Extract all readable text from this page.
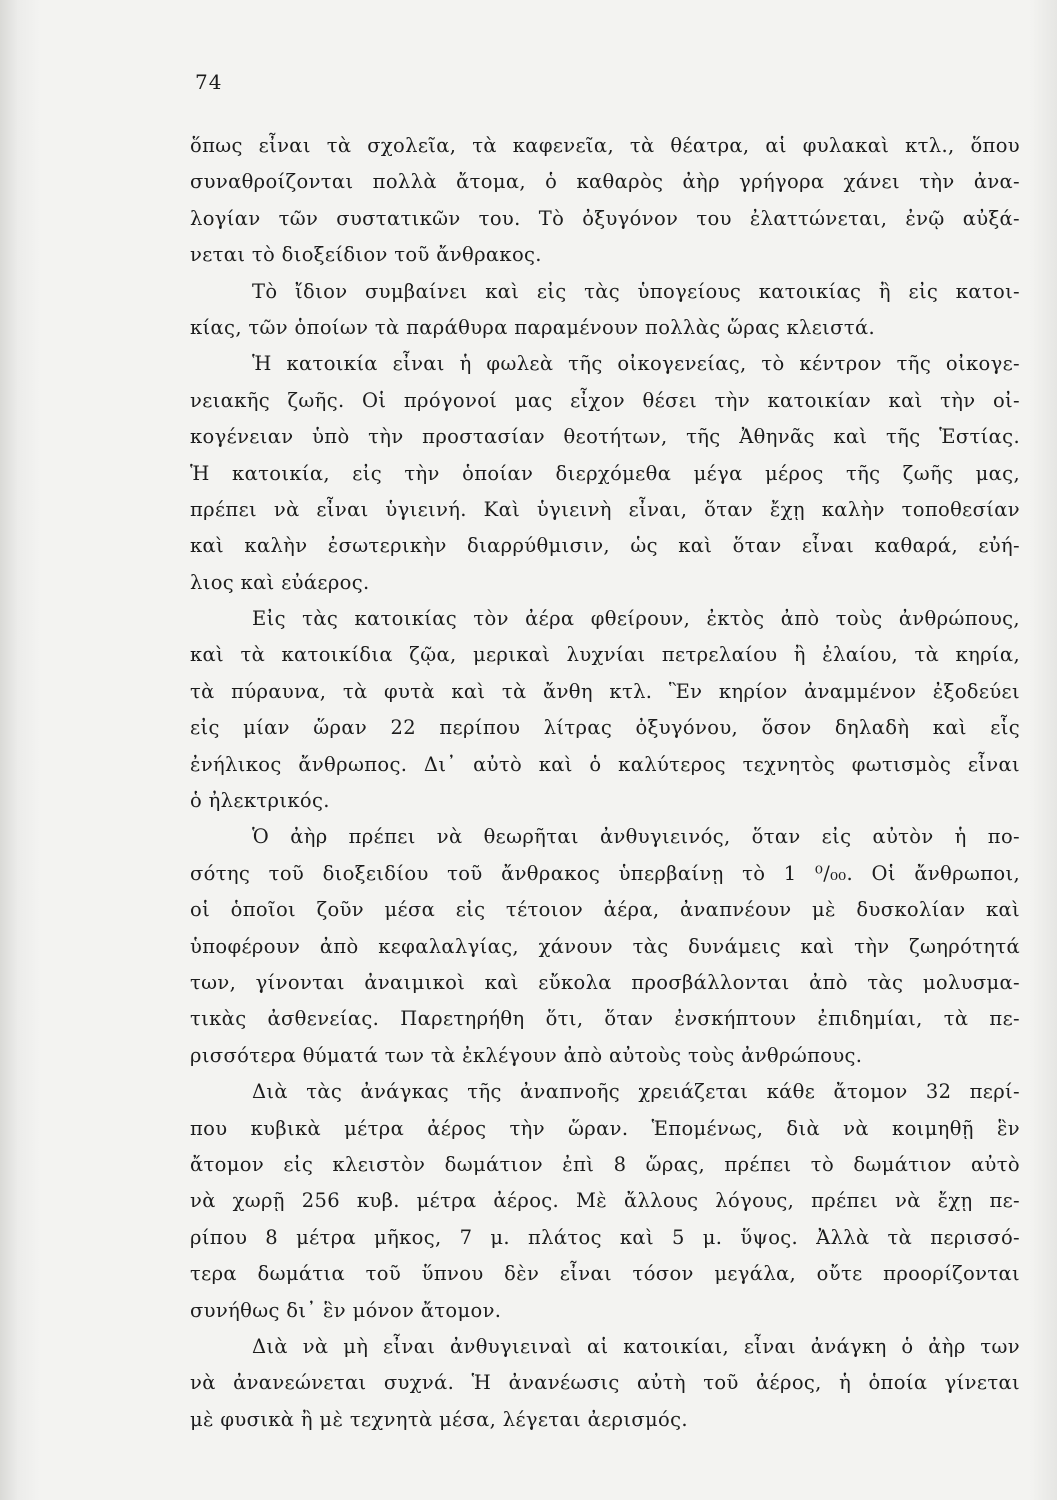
74
ὅπως εἶναι τὰ σχολεῖα, τὰ καφενεῖα, τὰ θέατρα, αἱ φυλακαὶ κτλ., ὅπου
συναθροίζονται πολλὰ ἄτομα, ὁ καθαρὸς ἀὴρ γρήγορα χάνει τὴν ἀνα-
λογίαν τῶν συστατικῶν του. Τὸ ὀξυγόνον του ἐλαττώνεται, ἐνῷ αὐξά-
νεται τὸ διοξείδιον τοῦ ἄνθρακος.
Τὸ ἴδιον συμβαίνει καὶ εἰς τὰς ὑπογείους κατοικίας ἢ εἰς κατοι-
κίας, τῶν ὁποίων τὰ παράθυρα παραμένουν πολλὰς ὥρας κλειστά.
Ἡ κατοικία εἶναι ἡ φωλεὰ τῆς οἰκογενείας, τὸ κέντρον τῆς οἰκογε-
νειακῆς ζωῆς. Οἱ πρόγονοί μας εἶχον θέσει τὴν κατοικίαν καὶ τὴν οἰ-
κογένειαν ὑπὸ τὴν προστασίαν θεοτήτων, τῆς Ἀθηνᾶς καὶ τῆς Ἑστίας.
Ἡ κατοικία, εἰς τὴν ὁποίαν διερχόμεθα μέγα μέρος τῆς ζωῆς μας,
πρέπει νὰ εἶναι ὑγιεινή. Καὶ ὑγιεινὴ εἶναι, ὅταν ἔχῃ καλὴν τοποθεσίαν
καὶ καλὴν ἐσωτερικὴν διαρρύθμισιν, ὡς καὶ ὅταν εἶναι καθαρά, εὐή-
λιος καὶ εὐάερος.
Εἰς τὰς κατοικίας τὸν ἀέρα φθείρουν, ἐκτὸς ἀπὸ τοὺς ἀνθρώπους,
καὶ τὰ κατοικίδια ζῷα, μερικαὶ λυχνίαι πετρελαίου ἢ ἐλαίου, τὰ κηρία,
τὰ πύραυνα, τὰ φυτὰ καὶ τὰ ἄνθη κτλ. Ἓν κηρίον ἀναμμένον ἐξοδεύει
εἰς μίαν ὥραν 22 περίπου λίτρας ὀξυγόνου, ὅσον δηλαδὴ καὶ εἷς
ἐνήλικος ἄνθρωπος. Δι᾽ αὐτὸ καὶ ὁ καλύτερος τεχνητὸς φωτισμὸς εἶναι
ὁ ἠλεκτρικός.
Ὁ ἀὴρ πρέπει νὰ θεωρῆται ἀνθυγιεινός, ὅταν εἰς αὐτὸν ἡ πο-
σότης τοῦ διοξειδίου τοῦ ἄνθρακος ὑπερβαίνῃ τὸ 1 ⁰/₀₀. Οἱ ἄνθρωποι,
οἱ ὁποῖοι ζοῦν μέσα εἰς τέτοιον ἀέρα, ἀναπνέουν μὲ δυσκολίαν καὶ
ὑποφέρουν ἀπὸ κεφαλαλγίας, χάνουν τὰς δυνάμεις καὶ τὴν ζωηρότητά
των, γίνονται ἀναιμικοὶ καὶ εὔκολα προσβάλλονται ἀπὸ τὰς μολυσμα-
τικὰς ἀσθενείας. Παρετηρήθη ὅτι, ὅταν ἐνσκήπτουν ἐπιδημίαι, τὰ πε-
ρισσότερα θύματά των τὰ ἐκλέγουν ἀπὸ αὐτοὺς τοὺς ἀνθρώπους.
Διὰ τὰς ἀνάγκας τῆς ἀναπνοῆς χρειάζεται κάθε ἄτομον 32 περί-
που κυβικὰ μέτρα ἀέρος τὴν ὥραν. Ἑπομένως, διὰ νὰ κοιμηθῇ ἓν
ἄτομον εἰς κλειστὸν δωμάτιον ἐπὶ 8 ὥρας, πρέπει τὸ δωμάτιον αὐτὸ
νὰ χωρῇ 256 κυβ. μέτρα ἀέρος. Μὲ ἄλλους λόγους, πρέπει νὰ ἔχῃ πε-
ρίπου 8 μέτρα μῆκος, 7 μ. πλάτος καὶ 5 μ. ὕψος. Ἀλλὰ τὰ περισσό-
τερα δωμάτια τοῦ ὕπνου δὲν εἶναι τόσον μεγάλα, οὔτε προορίζονται
συνήθως δι᾽ ἓν μόνον ἄτομον.
Διὰ νὰ μὴ εἶναι ἀνθυγιειναὶ αἱ κατοικίαι, εἶναι ἀνάγκη ὁ ἀὴρ των
νὰ ἀνανεώνεται συχνά. Ἡ ἀνανέωσις αὐτὴ τοῦ ἀέρος, ἡ ὁποία γίνεται
μὲ φυσικὰ ἢ μὲ τεχνητὰ μέσα, λέγεται ἀερισμός.
